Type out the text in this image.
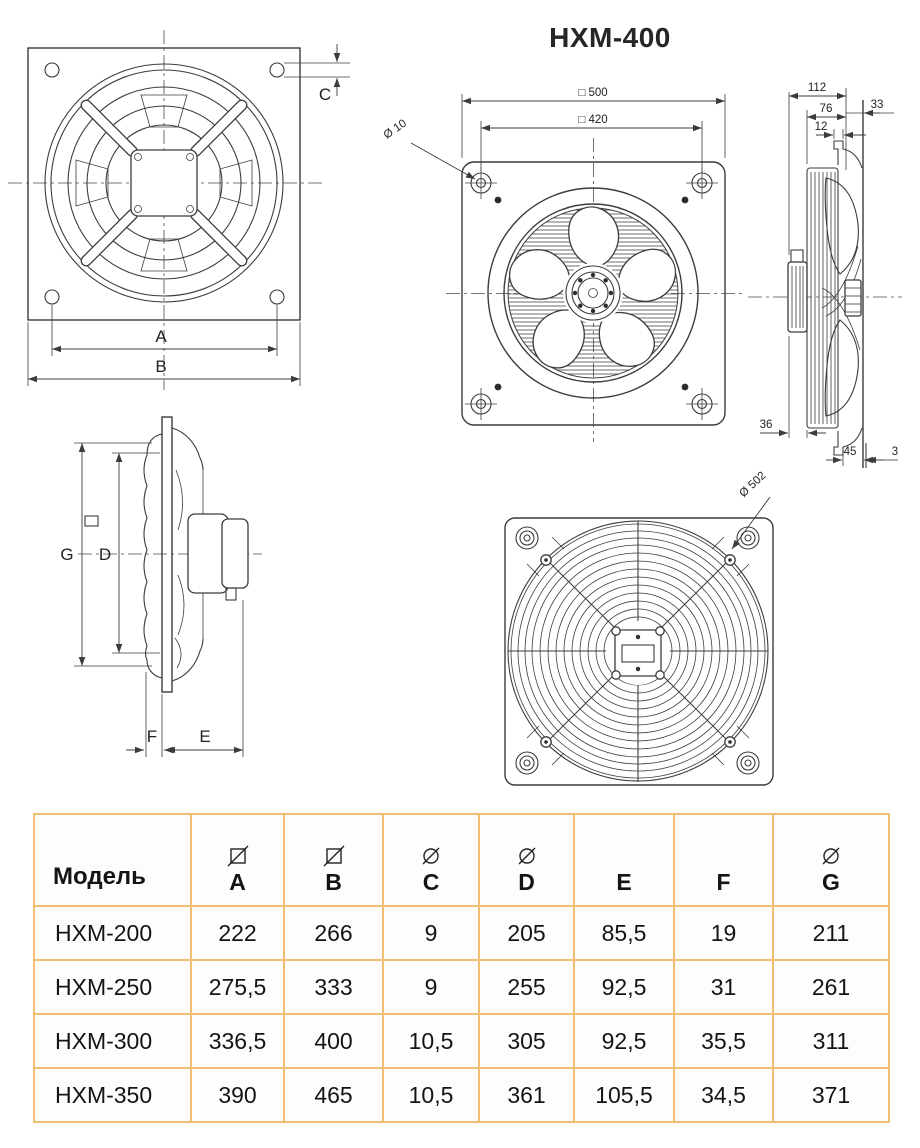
HXM-400
A
B
C	□ 500
□ 420
Ø 10
112
76	33
12
36
45	3
G D
F E
Ø 502
Модель	A	B	C	D	E	F	G

HXM-200	222	266	9	205	85,5	19	211
HXM-250	275,5	333	9	255	92,5	31	261
HXM-300	336,5	400	10,5	305	92,5	35,5	311
HXM-350	390	465	10,5	361	105,5	34,5	371
